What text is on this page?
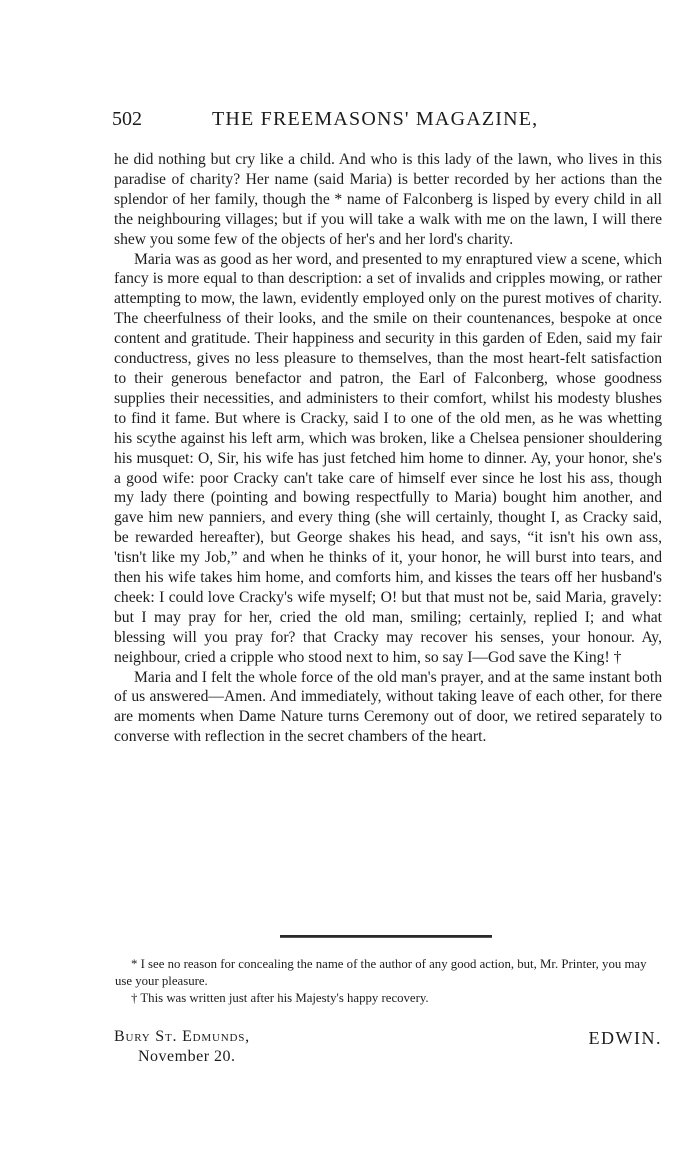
502	THE FREEMASONS' MAGAZINE,

he did nothing but cry like a child. And who is this lady of the lawn, who lives in this paradise of charity? Her name (said Maria) is better recorded by her actions than the splendor of her family, though the * name of Falconberg is lisped by every child in all the neighbouring villages; but if you will take a walk with me on the lawn, I will there shew you some few of the objects of her's and her lord's charity.

Maria was as good as her word, and presented to my enraptured view a scene, which fancy is more equal to than description: a set of invalids and cripples mowing, or rather attempting to mow, the lawn, evidently employed only on the purest motives of charity. The cheerfulness of their looks, and the smile on their countenances, bespoke at once content and gratitude. Their happiness and security in this garden of Eden, said my fair conductress, gives no less pleasure to themselves, than the most heart-felt satisfaction to their generous benefactor and patron, the Earl of Falconberg, whose goodness supplies their necessities, and administers to their comfort, whilst his modesty blushes to find it fame. But where is Cracky, said I to one of the old men, as he was whetting his scythe against his left arm, which was broken, like a Chelsea pensioner shouldering his musquet: O, Sir, his wife has just fetched him home to dinner. Ay, your honor, she's a good wife: poor Cracky can't take care of himself ever since he lost his ass, though my lady there (pointing and bowing respectfully to Maria) bought him another, and gave him new panniers, and every thing (she will certainly, thought I, as Cracky said, be rewarded hereafter), but George shakes his head, and says, “it isn't his own ass, 'tisn't like my Job,” and when he thinks of it, your honor, he will burst into tears, and then his wife takes him home, and comforts him, and kisses the tears off her husband's cheek: I could love Cracky's wife myself; O! but that must not be, said Maria, gravely: but I may pray for her, cried the old man, smiling; certainly, replied I; and what blessing will you pray for? that Cracky may recover his senses, your honour. Ay, neighbour, cried a cripple who stood next to him, so say I—God save the King! †

Maria and I felt the whole force of the old man's prayer, and at the same instant both of us answered—Amen. And immediately, without taking leave of each other, for there are moments when Dame Nature turns Ceremony out of door, we retired separately to converse with reflection in the secret chambers of the heart.

* I see no reason for concealing the name of the author of any good action, but, Mr. Printer, you may use your pleasure.

† This was written just after his Majesty's happy recovery.

Bury St. Edmunds,
November 20.
EDWIN.
